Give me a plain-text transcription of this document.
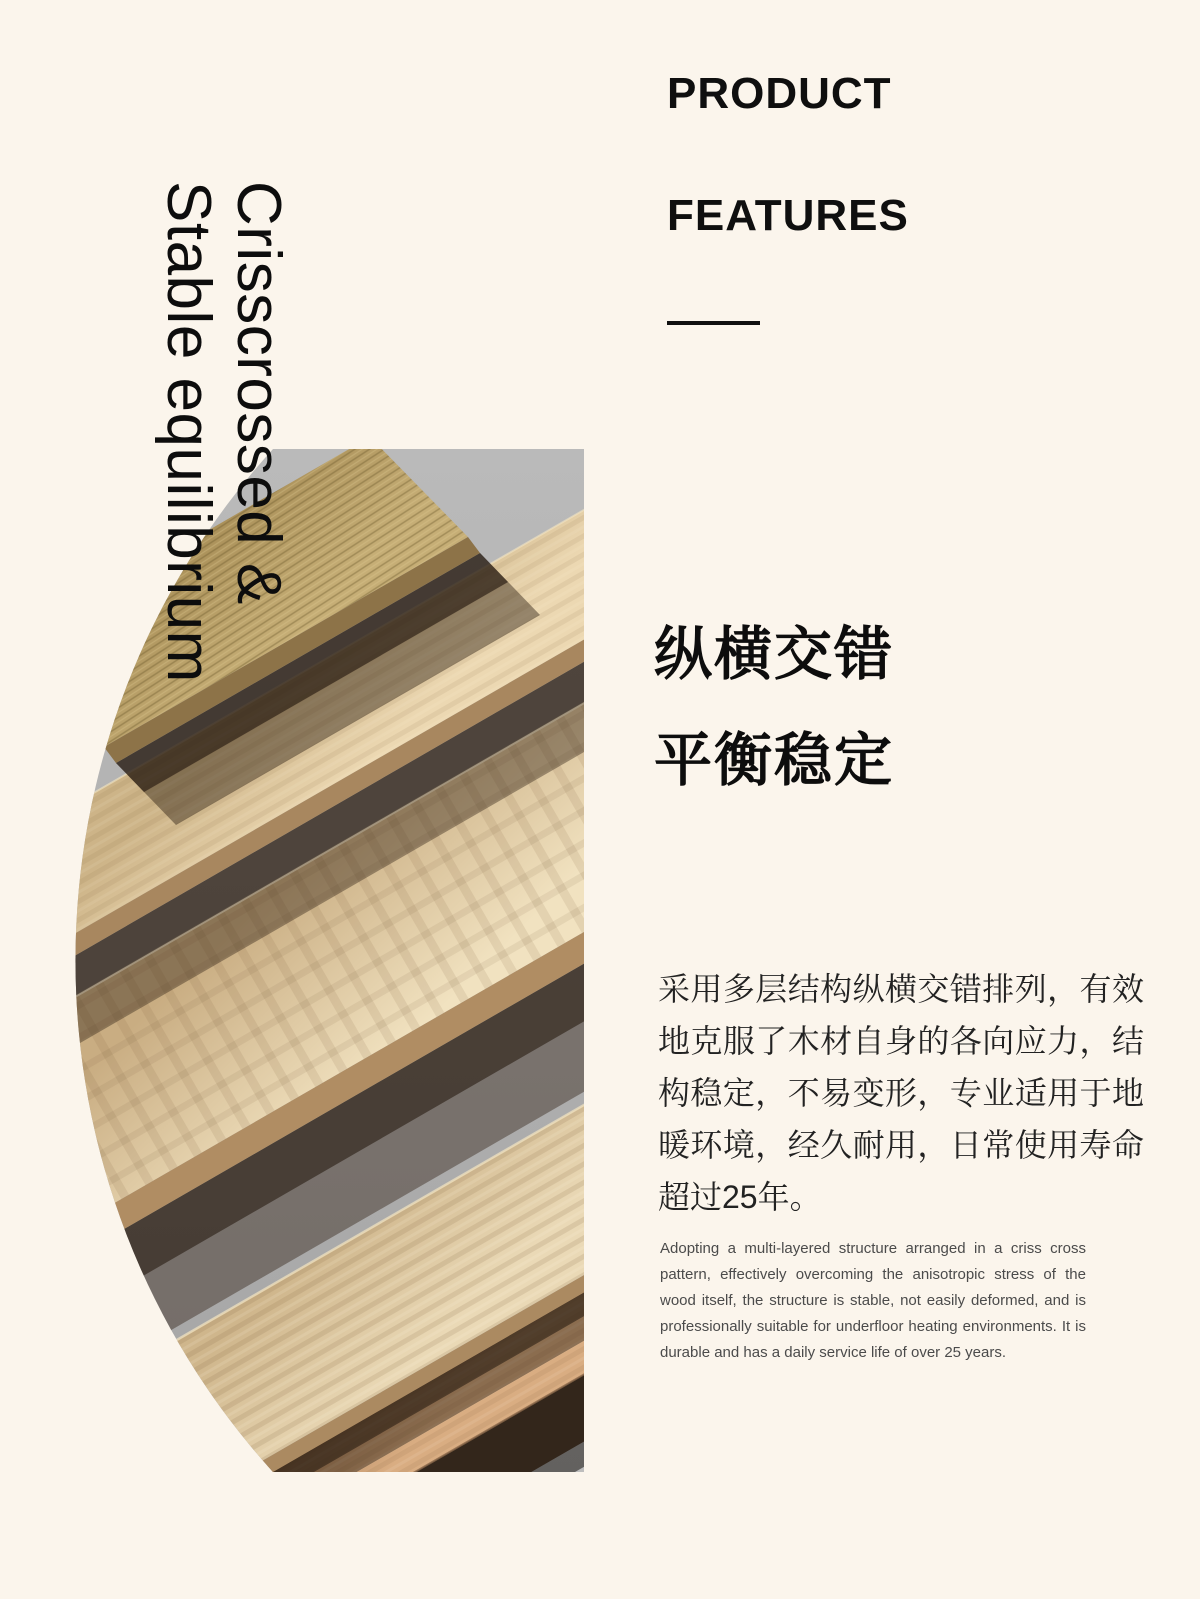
Crisscrossed &
Stable equilibrium
PRODUCT
FEATURES
纵横交错
平衡稳定
采用多层结构纵横交错排列，有效地克服了木材自身的各向应力，结构稳定，不易变形，专业适用于地暖环境，经久耐用，日常使用寿命超过25年。
Adopting a multi-layered structure arranged in a criss cross pattern, effectively overcoming the anisotropic stress of the wood itself, the structure is stable, not easily deformed, and is professionally suitable for underfloor heating environments. It is durable and has a daily service life of over 25 years.
